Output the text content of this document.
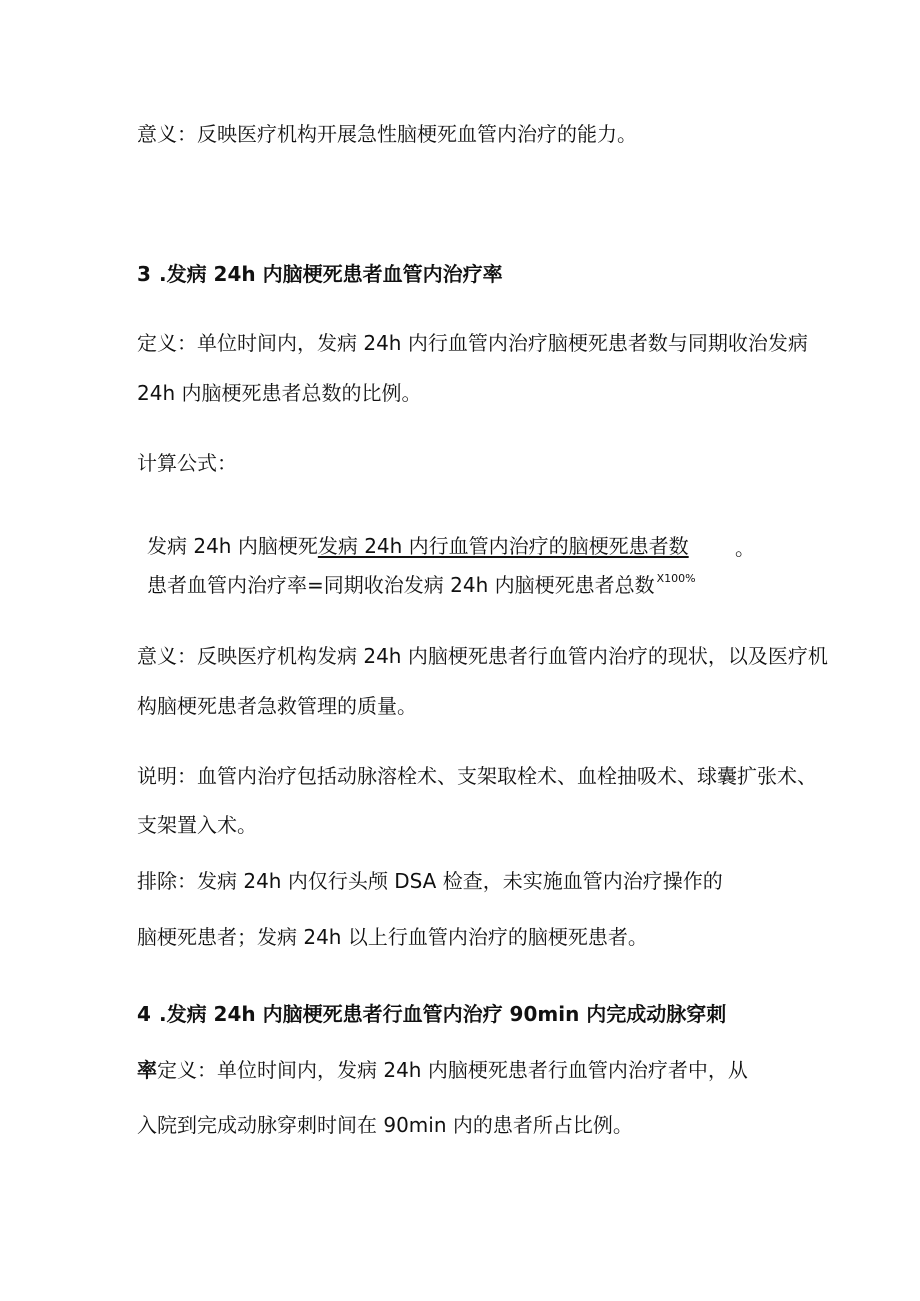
意义：反映医疗机构开展急性脑梗死血管内治疗的能力。
3 .发病 24h 内脑梗死患者血管内治疗率
定义：单位时间内，发病 24h 内行血管内治疗脑梗死患者数与同期收治发病
24h 内脑梗死患者总数的比例。
计算公式：
发病 24h 内脑梗死发病 24h 内行血管内治疗的脑梗死患者数 。
患者血管内治疗率=同期收治发病 24h 内脑梗死患者总数 $^{X100\%}$
意义：反映医疗机构发病 24h 内脑梗死患者行血管内治疗的现状，以及医疗机
构脑梗死患者急救管理的质量。
说明：血管内治疗包括动脉溶栓术、支架取栓术、血栓抽吸术、球囊扩张术、
支架置入术。
排除：发病 24h 内仅行头颅 DSA 检查，未实施血管内治疗操作的
脑梗死患者；发病 24h 以上行血管内治疗的脑梗死患者。
4 .发病 24h 内脑梗死患者行血管内治疗 90min 内完成动脉穿刺
率定义：单位时间内，发病 24h 内脑梗死患者行血管内治疗者中，从
入院到完成动脉穿刺时间在 90min 内的患者所占比例。
